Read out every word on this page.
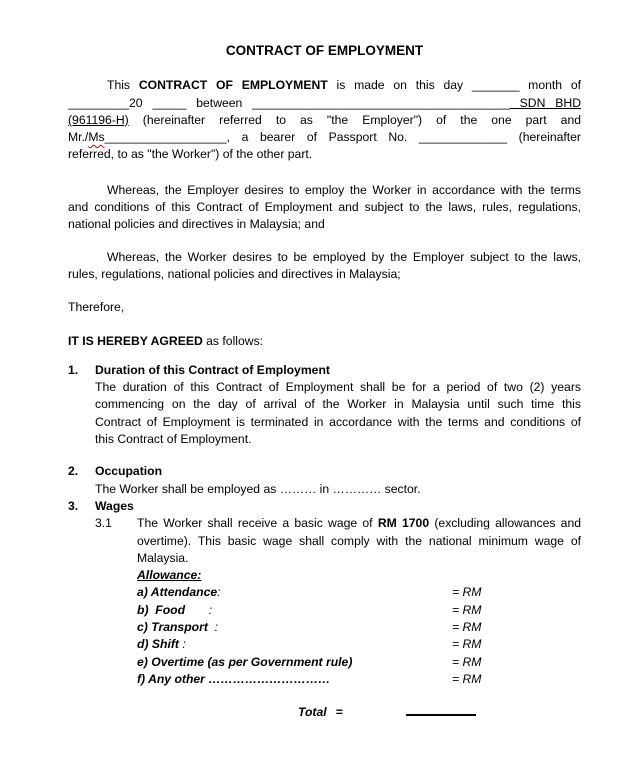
CONTRACT OF EMPLOYMENT
This CONTRACT OF EMPLOYMENT is made on this day _______ month of
_________20 _____ between ______________________________________ SDN BHD
(961196-H) (hereinafter referred to as "the Employer") of the one part and
Mr./Ms__________________, a bearer of Passport No. _____________ (hereinafter
referred, to as "the Worker") of the other part.
Whereas, the Employer desires to employ the Worker in accordance with the terms
and conditions of this Contract of Employment and subject to the laws, rules, regulations,
national policies and directives in Malaysia; and
Whereas, the Worker desires to be employed by the Employer subject to the laws,
rules, regulations, national policies and directives in Malaysia;
Therefore,
IT IS HEREBY AGREED as follows:
1.	Duration of this Contract of Employment
The duration of this Contract of Employment shall be for a period of two (2) years
commencing on the day of arrival of the Worker in Malaysia until such time this
Contract of Employment is terminated in accordance with the terms and conditions of
this Contract of Employment.
2.	Occupation
The Worker shall be employed as ……… in ………… sector.
3.	Wages
3.1	The Worker shall receive a basic wage of RM 1700 (excluding allowances and
overtime). This basic wage shall comply with the national minimum wage of
Malaysia.
Allowance:
a) Attendance:	= RM
b)  Food       :	= RM
c) Transport  :	= RM
d) Shift :	= RM
e) Overtime (as per Government rule)	= RM
f) Any other …………………………	= RM
Total =
